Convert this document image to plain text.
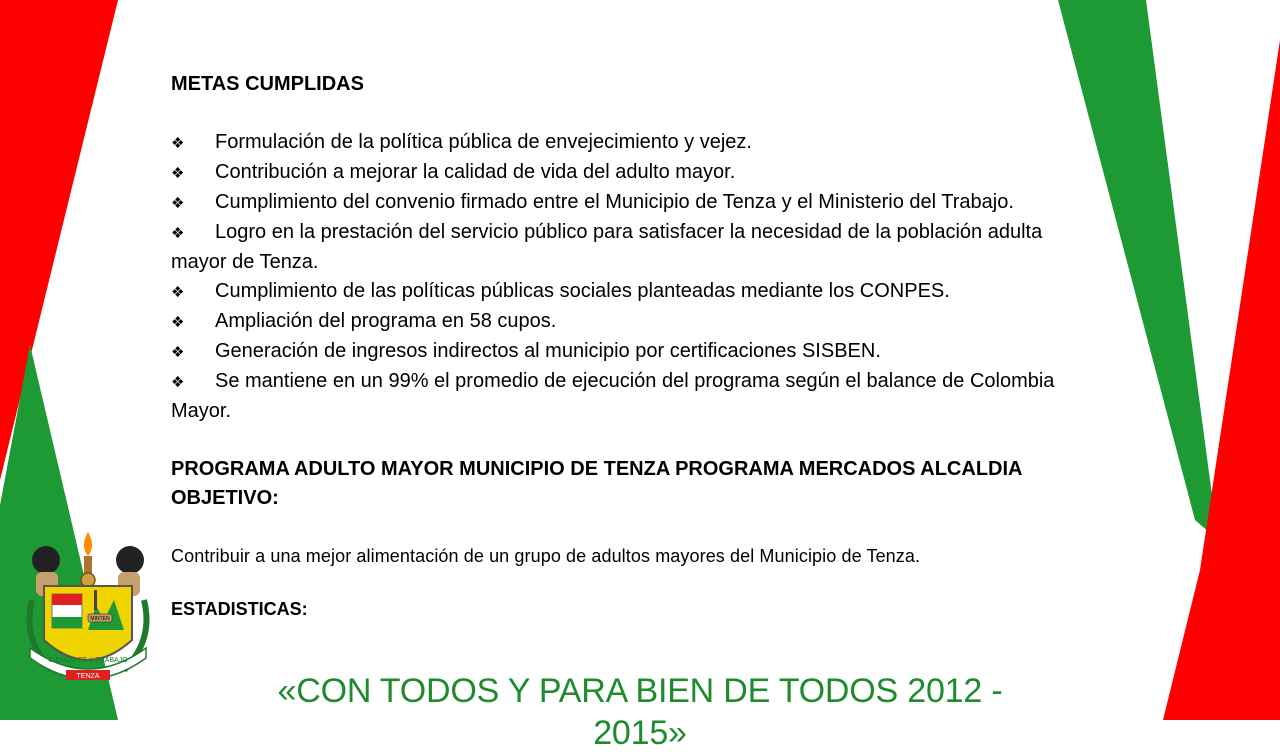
METAS CUMPLIDAS
❖ Formulación de la política pública de envejecimiento y vejez.
❖ Contribución a mejorar la calidad de vida del adulto mayor.
❖ Cumplimiento del convenio firmado entre el Municipio de Tenza y el Ministerio del Trabajo.
❖ Logro en la prestación del servicio público para satisfacer la necesidad de la población adulta mayor de Tenza.
❖ Cumplimiento de las políticas públicas sociales planteadas mediante los CONPES.
❖ Ampliación del programa en 58 cupos.
❖ Generación de ingresos indirectos al municipio por certificaciones SISBEN.
❖ Se mantiene en un 99% el promedio de ejecución del programa según el balance de Colombia Mayor.
PROGRAMA ADULTO MAYOR MUNICIPIO DE TENZA PROGRAMA MERCADOS ALCALDIA OBJETIVO:
Contribuir a una mejor alimentación de un grupo de adultos mayores del Municipio de Tenza.
ESTADISTICAS:
MINTEN
CIENCIA FE Y TRABAJO
TENZA	«CON TODOS Y PARA BIEN DE TODOS 2012 - 2015»
